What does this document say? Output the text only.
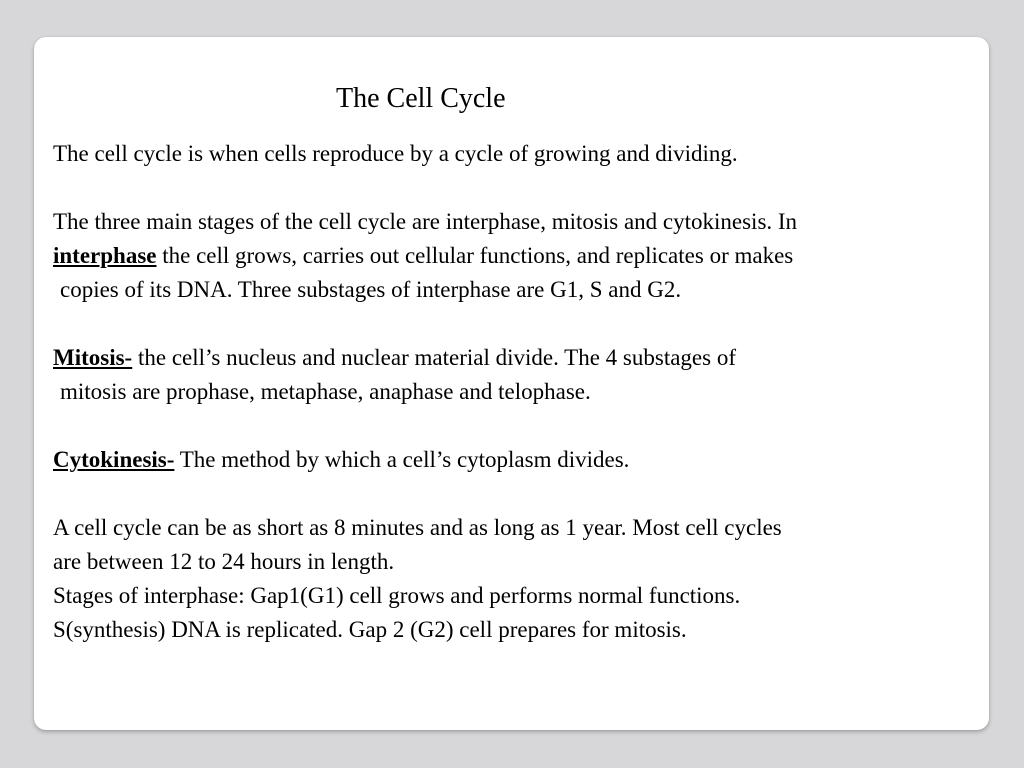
The Cell Cycle
The cell cycle is when cells reproduce by a cycle of growing and dividing.
The three main stages of the cell cycle are interphase, mitosis and cytokinesis. In
interphase the cell grows, carries out cellular functions, and replicates or makes
copies of its DNA. Three substages of interphase are G1, S and G2.
Mitosis- the cell’s nucleus and nuclear material divide. The 4 substages of
mitosis are prophase, metaphase, anaphase and telophase.
Cytokinesis- The method by which a cell’s cytoplasm divides.
A cell cycle can be as short as 8 minutes and as long as 1 year. Most cell cycles
are between 12 to 24 hours in length.
Stages of interphase: Gap1(G1) cell grows and performs normal functions.
S(synthesis) DNA is replicated. Gap 2 (G2) cell prepares for mitosis.
